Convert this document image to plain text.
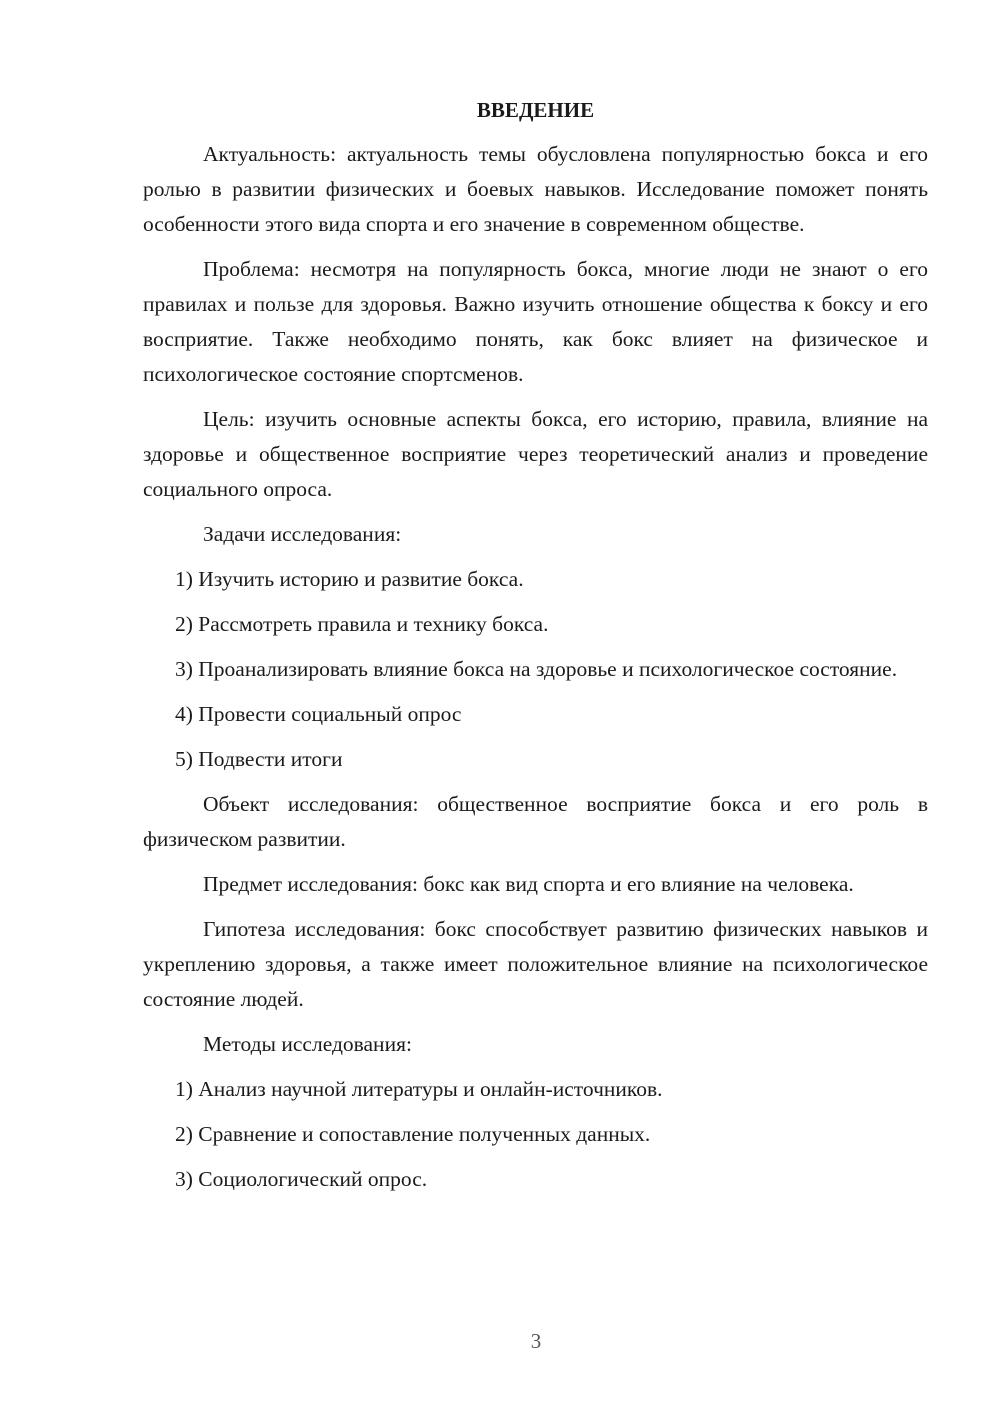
ВВЕДЕНИЕ

Актуальность: актуальность темы обусловлена популярностью бокса и его ролью в развитии физических и боевых навыков. Исследование поможет понять особенности этого вида спорта и его значение в современном обществе.

Проблема: несмотря на популярность бокса, многие люди не знают о его правилах и пользе для здоровья. Важно изучить отношение общества к боксу и его восприятие. Также необходимо понять, как бокс влияет на физическое и психологическое состояние спортсменов.

Цель: изучить основные аспекты бокса, его историю, правила, влияние на здоровье и общественное восприятие через теоретический анализ и проведение социального опроса.

Задачи исследования:

1) Изучить историю и развитие бокса.

2) Рассмотреть правила и технику бокса.

3) Проанализировать влияние бокса на здоровье и психологическое состояние.

4) Провести социальный опрос

5) Подвести итоги

Объект исследования: общественное восприятие бокса и его роль в физическом развитии.

Предмет исследования: бокс как вид спорта и его влияние на человека.

Гипотеза исследования: бокс способствует развитию физических навыков и укреплению здоровья, а также имеет положительное влияние на психологическое состояние людей.

Методы исследования:

1) Анализ научной литературы и онлайн-источников.

2) Сравнение и сопоставление полученных данных.

3) Социологический опрос.

3
